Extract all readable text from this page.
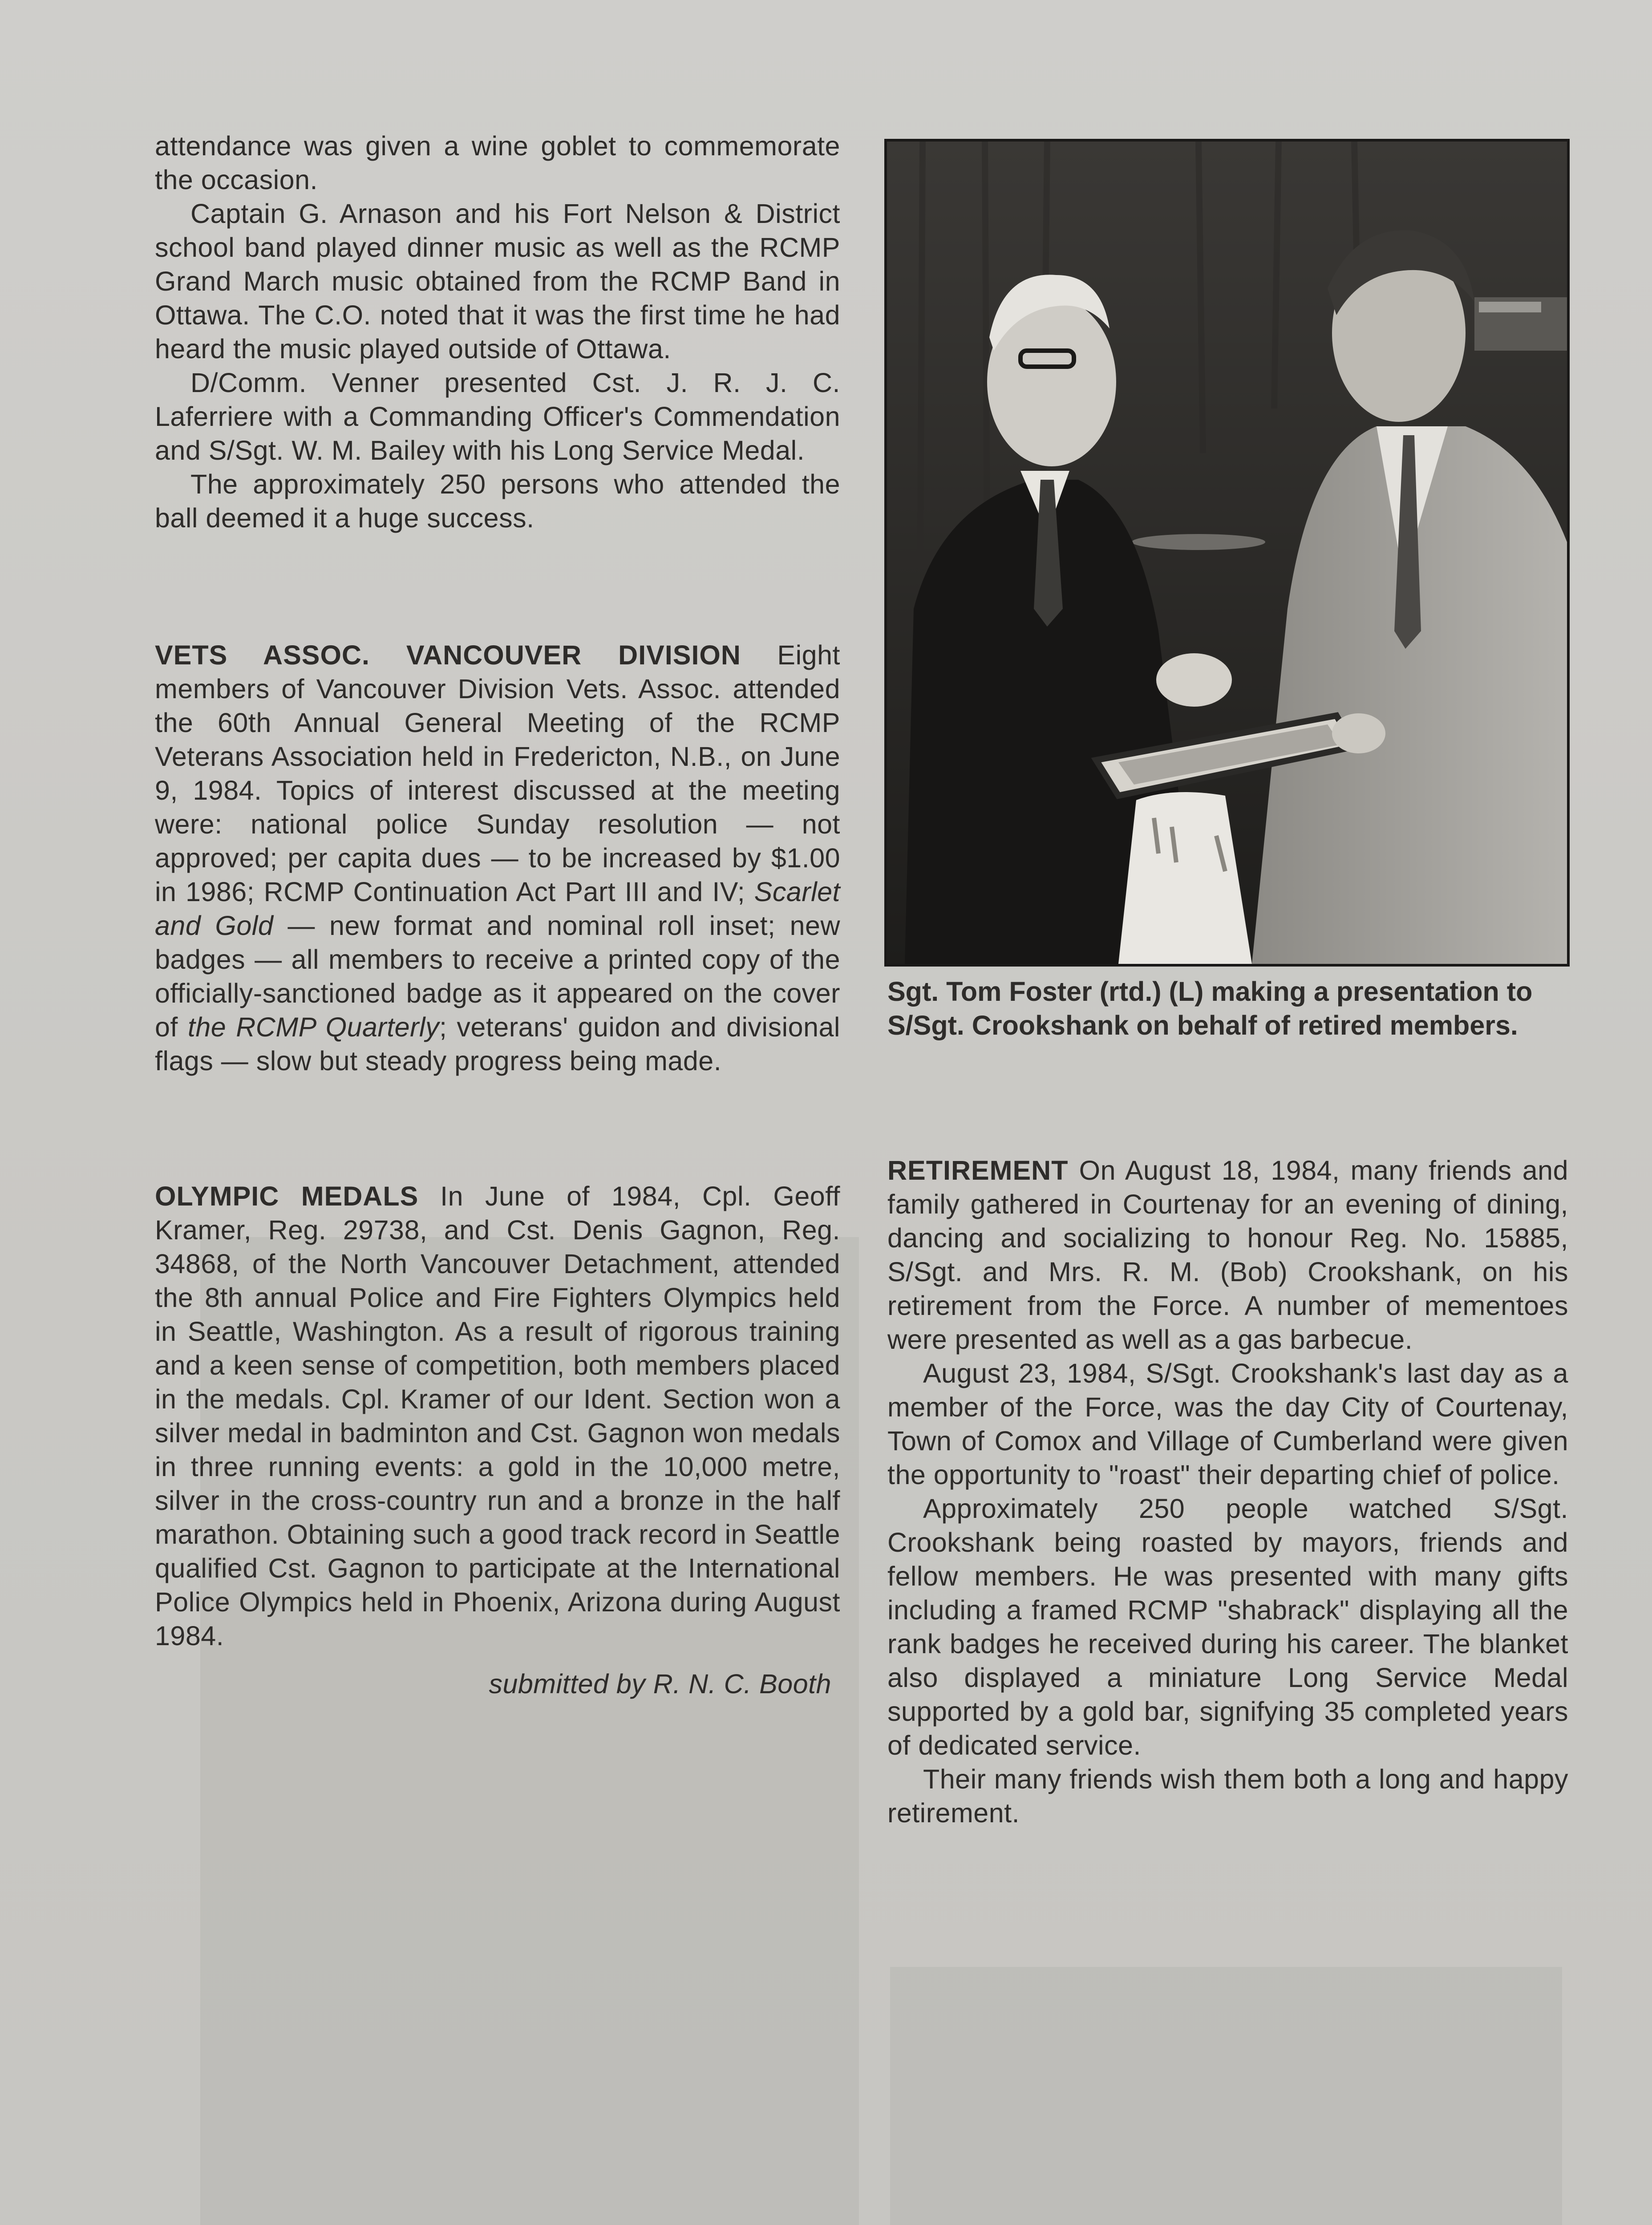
attendance was given a wine goblet to commemorate the occasion.

Captain G. Arnason and his Fort Nelson & District school band played dinner music as well as the RCMP Grand March music obtained from the RCMP Band in Ottawa. The C.O. noted that it was the first time he had heard the music played outside of Ottawa.

D/Comm. Venner presented Cst. J. R. J. C. Laferriere with a Commanding Officer's Commendation and S/Sgt. W. M. Bailey with his Long Service Medal.

The approximately 250 persons who attended the ball deemed it a huge success.

VETS ASSOC. VANCOUVER DIVISION Eight members of Vancouver Division Vets. Assoc. attended the 60th Annual General Meeting of the RCMP Veterans Association held in Fredericton, N.B., on June 9, 1984. Topics of interest discussed at the meeting were: national police Sunday resolution — not approved; per capita dues — to be increased by $1.00 in 1986; RCMP Continuation Act Part III and IV; Scarlet and Gold — new format and nominal roll inset; new badges — all members to receive a printed copy of the officially-sanctioned badge as it appeared on the cover of the RCMP Quarterly; veterans' guidon and divisional flags — slow but steady progress being made.

OLYMPIC MEDALS In June of 1984, Cpl. Geoff Kramer, Reg. 29738, and Cst. Denis Gagnon, Reg. 34868, of the North Vancouver Detachment, attended the 8th annual Police and Fire Fighters Olympics held in Seattle, Washington. As a result of rigorous training and a keen sense of competition, both members placed in the medals. Cpl. Kramer of our Ident. Section won a silver medal in badminton and Cst. Gagnon won medals in three running events: a gold in the 10,000 metre, silver in the cross-country run and a bronze in the half marathon. Obtaining such a good track record in Seattle qualified Cst. Gagnon to participate at the International Police Olympics held in Phoenix, Arizona during August 1984.

submitted by R. N. C. Booth

Sgt. Tom Foster (rtd.) (L) making a presentation to S/Sgt. Crookshank on behalf of retired members.

RETIREMENT On August 18, 1984, many friends and family gathered in Courtenay for an evening of dining, dancing and socializing to honour Reg. No. 15885, S/Sgt. and Mrs. R. M. (Bob) Crookshank, on his retirement from the Force. A number of mementoes were presented as well as a gas barbecue.

August 23, 1984, S/Sgt. Crookshank's last day as a member of the Force, was the day City of Courtenay, Town of Comox and Village of Cumberland were given the opportunity to "roast" their departing chief of police.

Approximately 250 people watched S/Sgt. Crookshank being roasted by mayors, friends and fellow members. He was presented with many gifts including a framed RCMP "shabrack" displaying all the rank badges he received during his career. The blanket also displayed a miniature Long Service Medal supported by a gold bar, signifying 35 completed years of dedicated service.

Their many friends wish them both a long and happy retirement.
